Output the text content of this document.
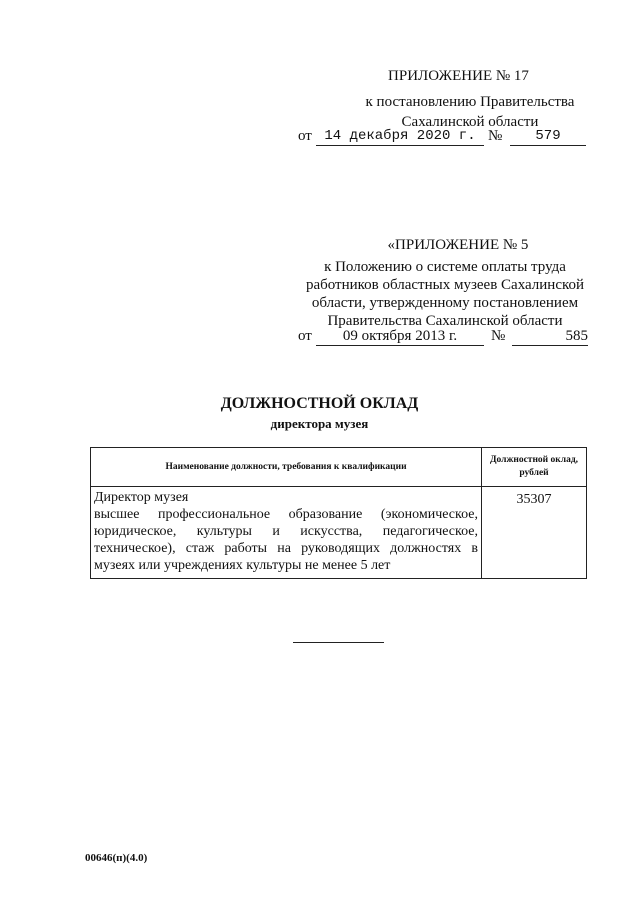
ПРИЛОЖЕНИЕ № 17
к постановлению Правительства
Сахалинской области
от 14 декабря 2020 г. №	579
«ПРИЛОЖЕНИЕ № 5
к Положению о системе оплаты труда
работников областных музеев Сахалинской
области, утвержденному постановлением
Правительства Сахалинской области
от	09 октября 2013 г.	№	585
ДОЛЖНОСТНОЙ ОКЛАД
директора музея
Наименование должности, требования к квалификации	Должностной оклад, рублей

Директор музея
высшее профессиональное образование (экономическое, юридическое, культуры и искусства, педагогическое, техническое), стаж работы на руководящих должностях в музеях или учреждениях культуры не менее 5 лет	35307
00646(п)(4.0)
